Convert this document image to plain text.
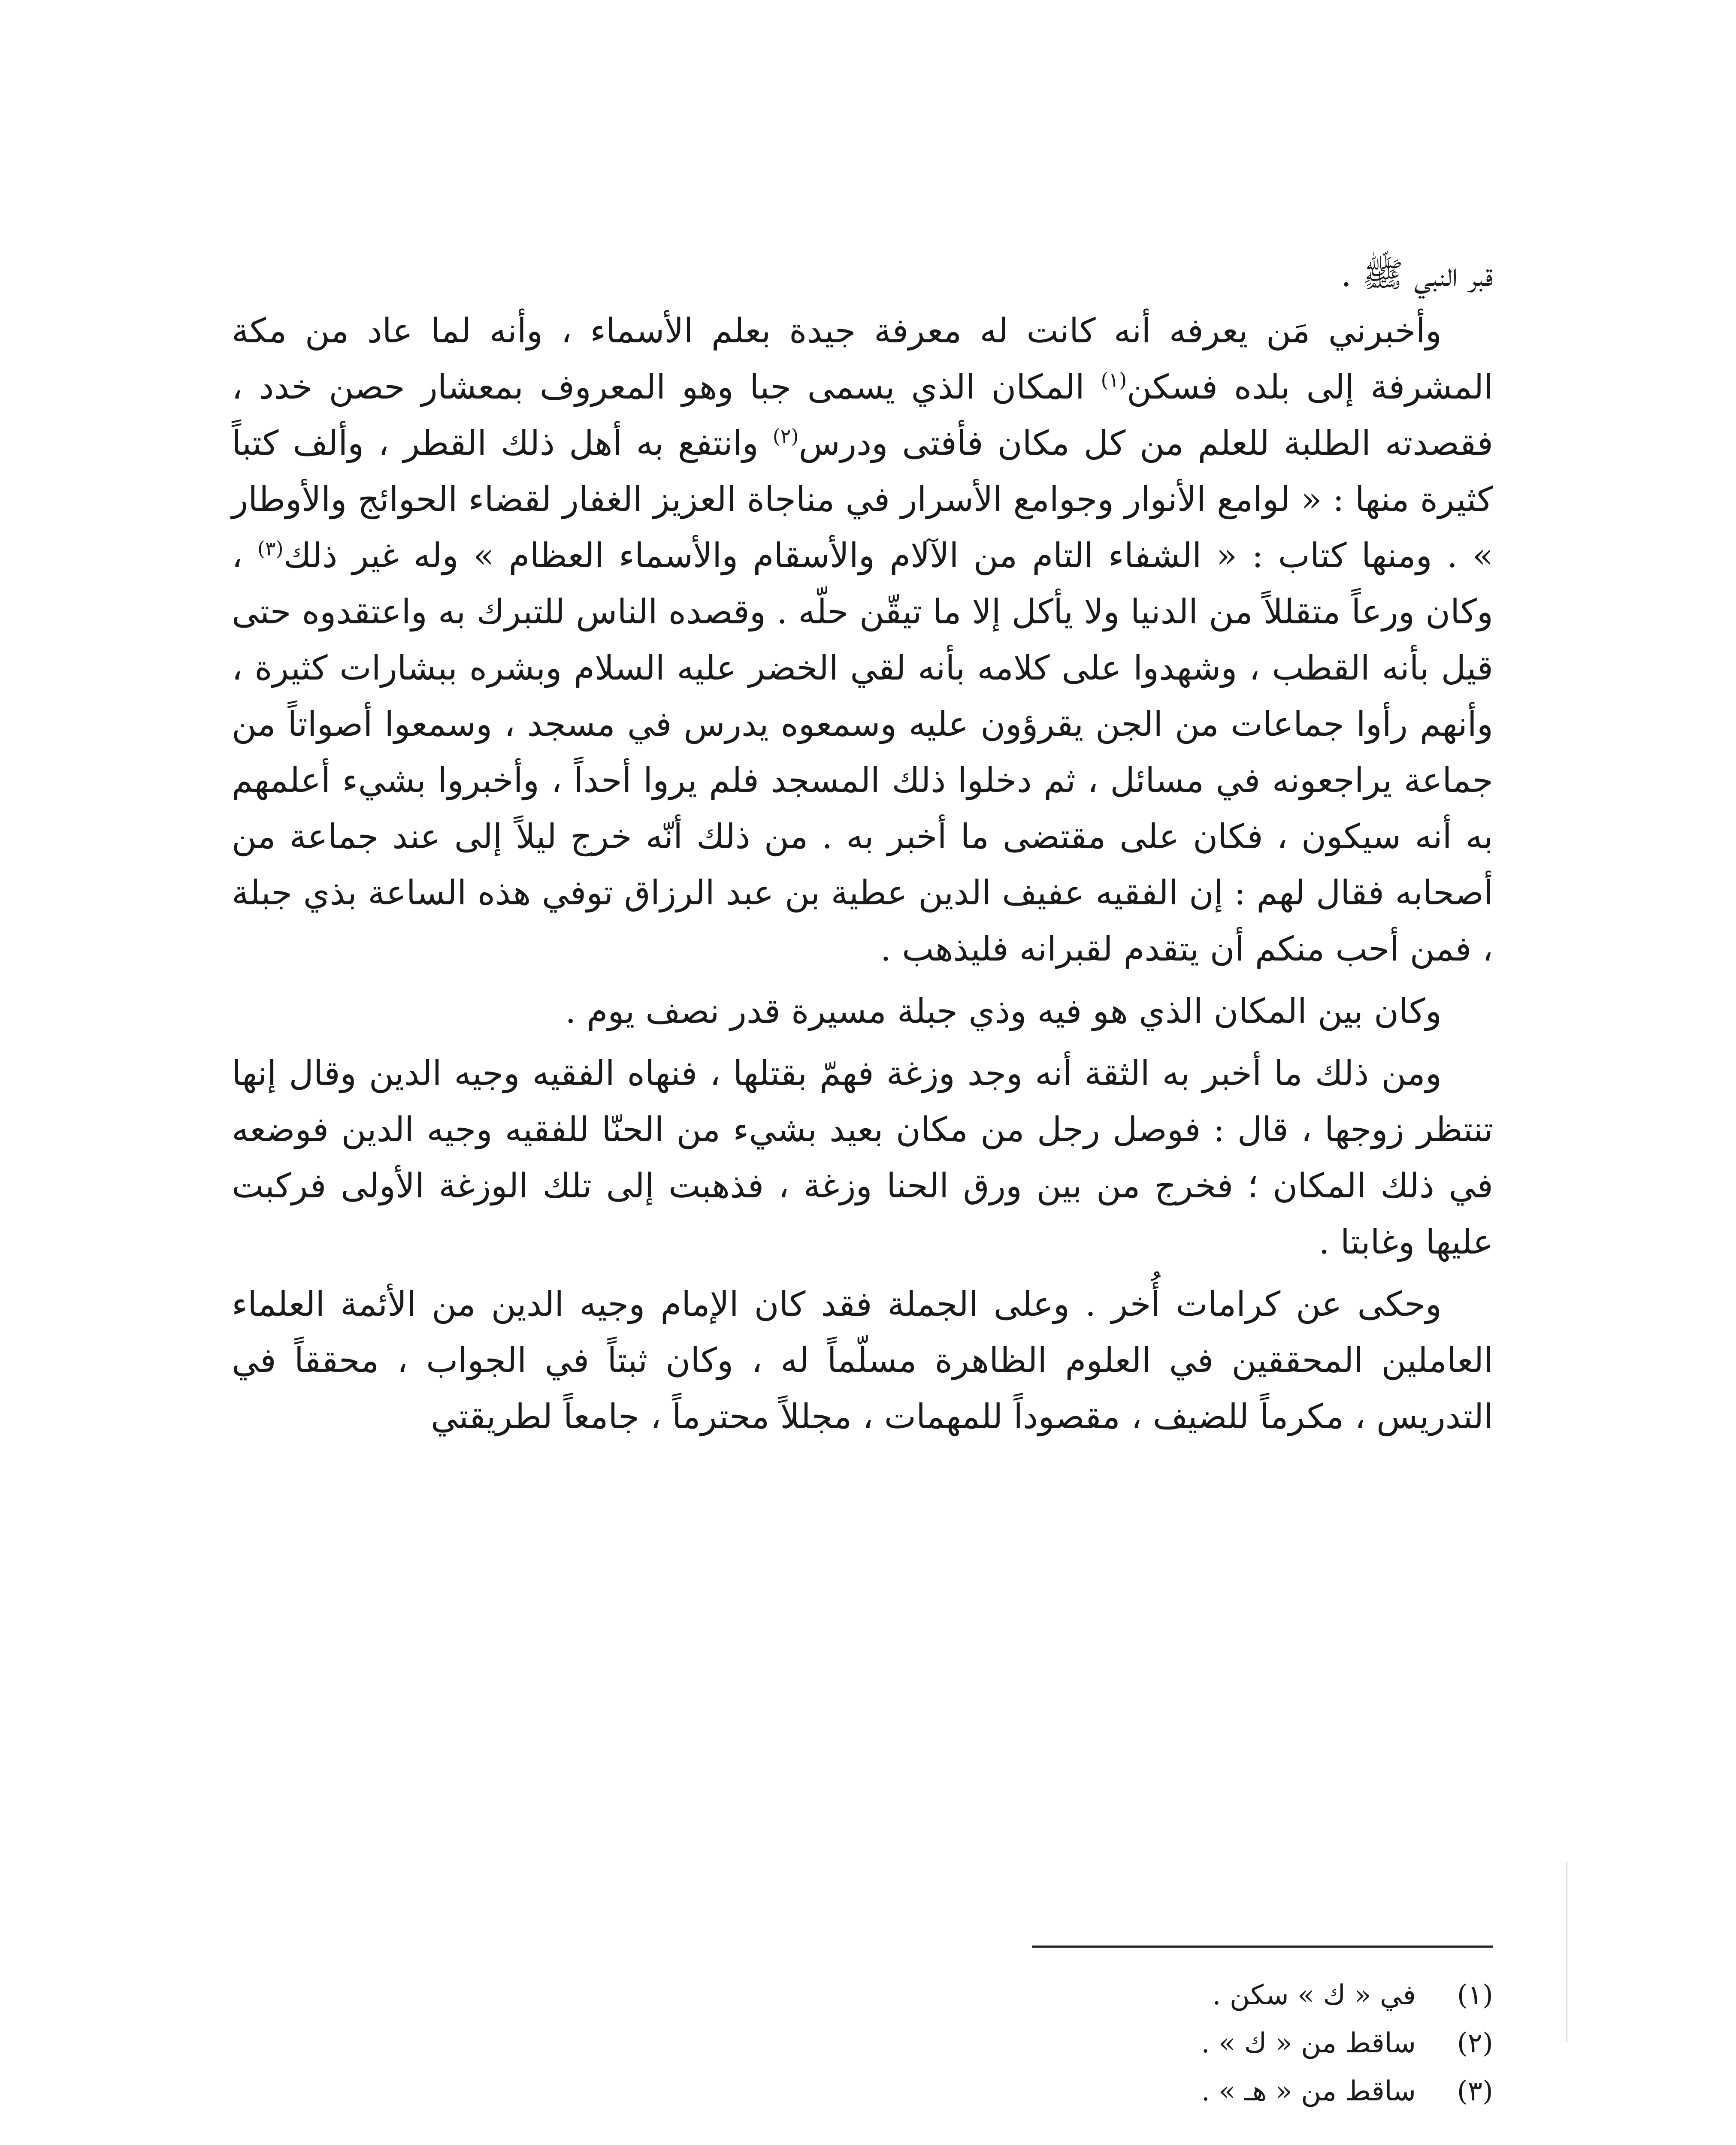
قبر النبي ﷺ .

وأخبرني مَن يعرفه أنه كانت له معرفة جيدة بعلم الأسماء ، وأنه لما عاد من مكة المشرفة إلى بلده فسكن$^{(١)}$ المكان الذي يسمى جبا وهو المعروف بمعشار حصن خدد ، فقصدته الطلبة للعلم من كل مكان فأفتى ودرس$^{(٢)}$ وانتفع به أهل ذلك القطر ، وألف كتباً كثيرة منها : « لوامع الأنوار وجوامع الأسرار في مناجاة العزيز الغفار لقضاء الحوائج والأوطار » . ومنها كتاب : « الشفاء التام من الآلام والأسقام والأسماء العظام » وله غير ذلك$^{(٣)}$ ، وكان ورعاً متقللاً من الدنيا ولا يأكل إلا ما تيقّن حلّه . وقصده الناس للتبرك به واعتقدوه حتى قيل بأنه القطب ، وشهدوا على كلامه بأنه لقي الخضر عليه السلام وبشره ببشارات كثيرة ، وأنهم رأوا جماعات من الجن يقرؤون عليه وسمعوه يدرس في مسجد ، وسمعوا أصواتاً من جماعة يراجعونه في مسائل ، ثم دخلوا ذلك المسجد فلم يروا أحداً ، وأخبروا بشيء أعلمهم به أنه سيكون ، فكان على مقتضى ما أخبر به . من ذلك أنّه خرج ليلاً إلى عند جماعة من أصحابه فقال لهم : إن الفقيه عفيف الدين عطية بن عبد الرزاق توفي هذه الساعة بذي جبلة ، فمن أحب منكم أن يتقدم لقبرانه فليذهب .

وكان بين المكان الذي هو فيه وذي جبلة مسيرة قدر نصف يوم .

ومن ذلك ما أخبر به الثقة أنه وجد وزغة فهمّ بقتلها ، فنهاه الفقيه وجيه الدين وقال إنها تنتظر زوجها ، قال : فوصل رجل من مكان بعيد بشيء من الحنّا للفقيه وجيه الدين فوضعه في ذلك المكان ؛ فخرج من بين ورق الحنا وزغة ، فذهبت إلى تلك الوزغة الأولى فركبت عليها وغابتا .

وحكى عن كرامات أُخر . وعلى الجملة فقد كان الإمام وجيه الدين من الأئمة العلماء العاملين المحققين في العلوم الظاهرة مسلّماً له ، وكان ثبتاً في الجواب ، محققاً في التدريس ، مكرماً للضيف ، مقصوداً للمهمات ، مجللاً محترماً ، جامعاً لطريقتي

(١)
في « ك » سكن .
(٢)
ساقط من « ك » .
(٣)
ساقط من « هـ » .
